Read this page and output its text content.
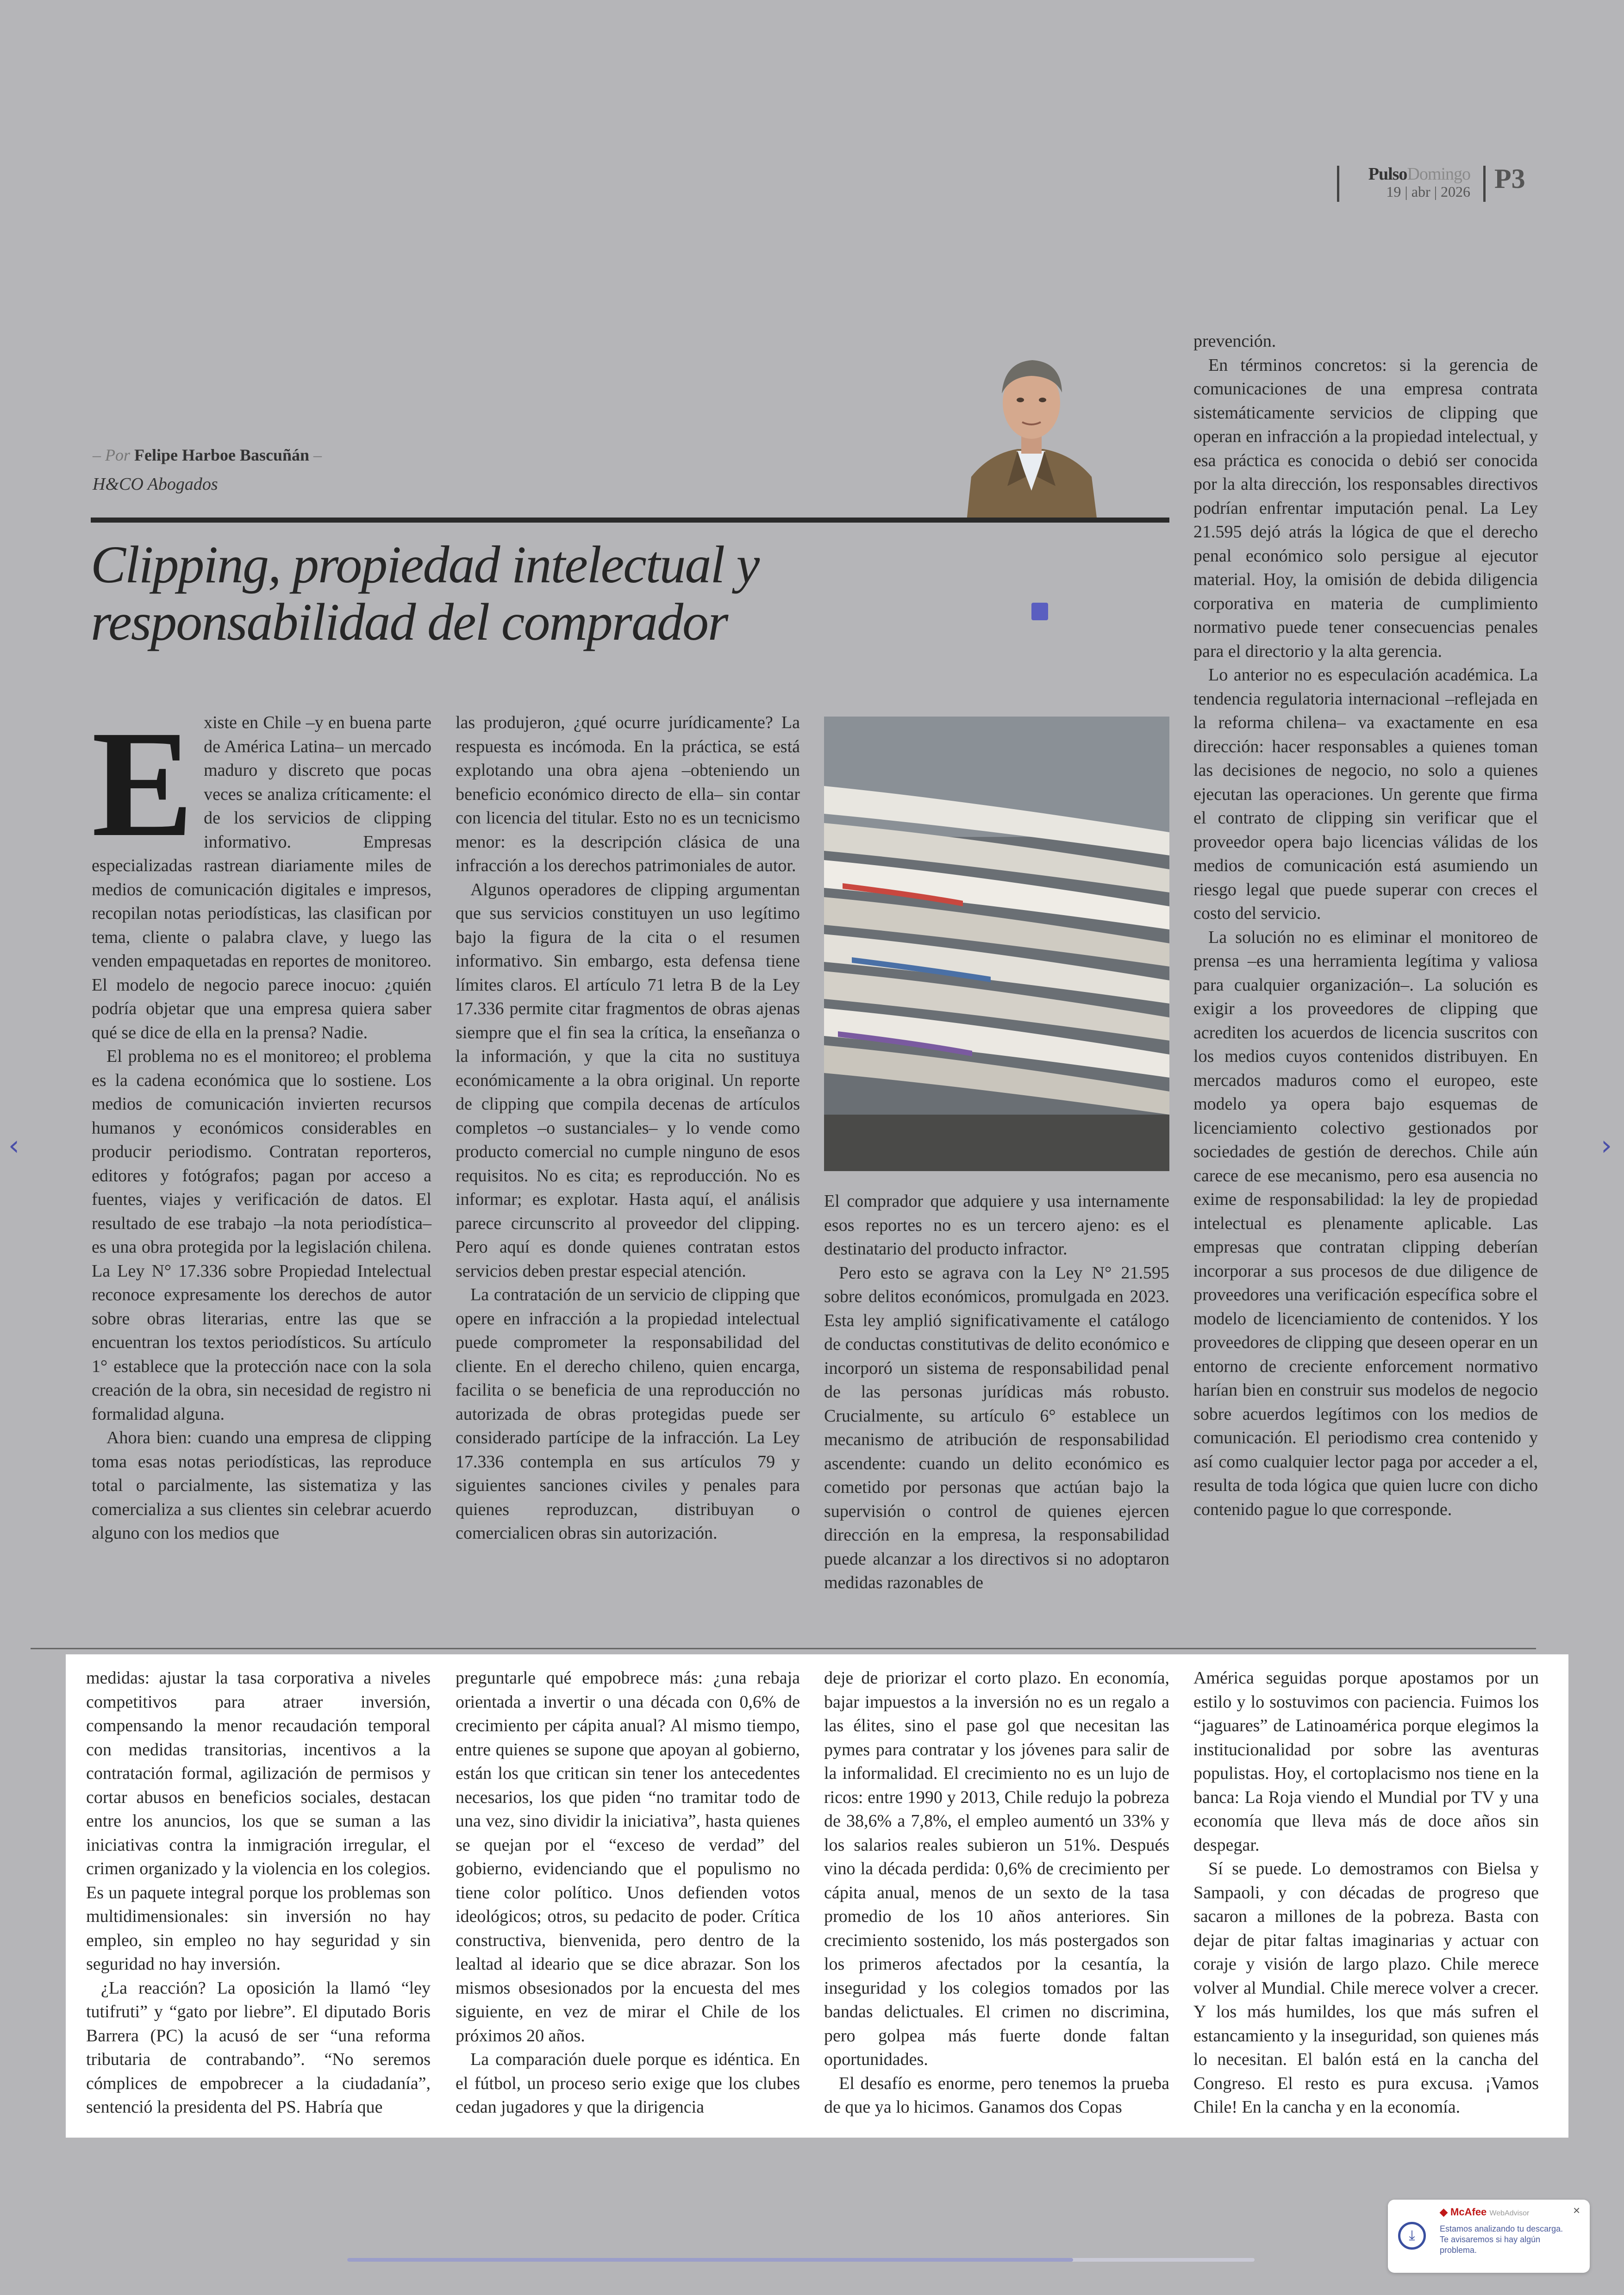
PulsoDomingo
19 | abr | 2026 P3
– Por Felipe Harboe Bascuñán –
H&CO Abogados
Clipping, propiedad intelectual y
responsabilidad del comprador
E xiste en Chile –y en buena parte de América Latina– un mercado maduro y discreto que pocas veces se analiza críticamente: el de los servicios de clipping informativo. Empresas especializadas rastrean diariamente miles de medios de comunicación digitales e impresos, recopilan notas periodísticas, las clasifican por tema, cliente o palabra clave, y luego las venden empaquetadas en reportes de monitoreo. El modelo de negocio parece inocuo: ¿quién podría objetar que una empresa quiera saber qué se dice de ella en la prensa? Nadie.

El problema no es el monitoreo; el problema es la cadena económica que lo sostiene. Los medios de comunicación invierten recursos humanos y económicos considerables en producir periodismo. Contratan reporteros, editores y fotógrafos; pagan por acceso a fuentes, viajes y verificación de datos. El resultado de ese trabajo –la nota periodística– es una obra protegida por la legislación chilena. La Ley N° 17.336 sobre Propiedad Intelectual reconoce expresamente los derechos de autor sobre obras literarias, entre las que se encuentran los textos periodísticos. Su artículo 1° establece que la protección nace con la sola creación de la obra, sin necesidad de registro ni formalidad alguna.

Ahora bien: cuando una empresa de clipping toma esas notas periodísticas, las reproduce total o parcialmente, las sistematiza y las comercializa a sus clientes sin celebrar acuerdo alguno con los medios que

las produjeron, ¿qué ocurre jurídicamente? La respuesta es incómoda. En la práctica, se está explotando una obra ajena –obteniendo un beneficio económico directo de ella– sin contar con licencia del titular. Esto no es un tecnicismo menor: es la descripción clásica de una infracción a los derechos patrimoniales de autor.

Algunos operadores de clipping argumentan que sus servicios constituyen un uso legítimo bajo la figura de la cita o el resumen informativo. Sin embargo, esta defensa tiene límites claros. El artículo 71 letra B de la Ley 17.336 permite citar fragmentos de obras ajenas siempre que el fin sea la crítica, la enseñanza o la información, y que la cita no sustituya económicamente a la obra original. Un reporte de clipping que compila decenas de artículos completos –o sustanciales– y lo vende como producto comercial no cumple ninguno de esos requisitos. No es cita; es reproducción. No es informar; es explotar. Hasta aquí, el análisis parece circunscrito al proveedor del clipping. Pero aquí es donde quienes contratan estos servicios deben prestar especial atención.

La contratación de un servicio de clipping que opere en infracción a la propiedad intelectual puede comprometer la responsabilidad del cliente. En el derecho chileno, quien encarga, facilita o se beneficia de una reproducción no autorizada de obras protegidas puede ser considerado partícipe de la infracción. La Ley 17.336 contempla en sus artículos 79 y siguientes sanciones civiles y penales para quienes reproduzcan, distribuyan o comercialicen obras sin autorización.

El comprador que adquiere y usa internamente esos reportes no es un tercero ajeno: es el destinatario del producto infractor.

Pero esto se agrava con la Ley N° 21.595 sobre delitos económicos, promulgada en 2023. Esta ley amplió significativamente el catálogo de conductas constitutivas de delito económico e incorporó un sistema de responsabilidad penal de las personas jurídicas más robusto. Crucialmente, su artículo 6° establece un mecanismo de atribución de responsabilidad ascendente: cuando un delito económico es cometido por personas que actúan bajo la supervisión o control de quienes ejercen dirección en la empresa, la responsabilidad puede alcanzar a los directivos si no adoptaron medidas razonables de

prevención.

En términos concretos: si la gerencia de comunicaciones de una empresa contrata sistemáticamente servicios de clipping que operan en infracción a la propiedad intelectual, y esa práctica es conocida o debió ser conocida por la alta dirección, los responsables directivos podrían enfrentar imputación penal. La Ley 21.595 dejó atrás la lógica de que el derecho penal económico solo persigue al ejecutor material. Hoy, la omisión de debida diligencia corporativa en materia de cumplimiento normativo puede tener consecuencias penales para el directorio y la alta gerencia.

Lo anterior no es especulación académica. La tendencia regulatoria internacional –reflejada en la reforma chilena– va exactamente en esa dirección: hacer responsables a quienes toman las decisiones de negocio, no solo a quienes ejecutan las operaciones. Un gerente que firma el contrato de clipping sin verificar que el proveedor opera bajo licencias válidas de los medios de comunicación está asumiendo un riesgo legal que puede superar con creces el costo del servicio.

La solución no es eliminar el monitoreo de prensa –es una herramienta legítima y valiosa para cualquier organización–. La solución es exigir a los proveedores de clipping que acrediten los acuerdos de licencia suscritos con los medios cuyos contenidos distribuyen. En mercados maduros como el europeo, este modelo ya opera bajo esquemas de licenciamiento colectivo gestionados por sociedades de gestión de derechos. Chile aún carece de ese mecanismo, pero esa ausencia no exime de responsabilidad: la ley de propiedad intelectual es plenamente aplicable. Las empresas que contratan clipping deberían incorporar a sus procesos de due diligence de proveedores una verificación específica sobre el modelo de licenciamiento de contenidos. Y los proveedores de clipping que deseen operar en un entorno de creciente enforcement normativo harían bien en construir sus modelos de negocio sobre acuerdos legítimos con los medios de comunicación. El periodismo crea contenido y así como cualquier lector paga por acceder a el, resulta de toda lógica que quien lucre con dicho contenido pague lo que corresponde.

medidas: ajustar la tasa corporativa a niveles competitivos para atraer inversión, compensando la menor recaudación temporal con medidas transitorias, incentivos a la contratación formal, agilización de permisos y cortar abusos en beneficios sociales, destacan entre los anuncios, los que se suman a las iniciativas contra la inmigración irregular, el crimen organizado y la violencia en los colegios. Es un paquete integral porque los problemas son multidimensionales: sin inversión no hay empleo, sin empleo no hay seguridad y sin seguridad no hay inversión.

¿La reacción? La oposición la llamó “ley tutifruti” y “gato por liebre”. El diputado Boris Barrera (PC) la acusó de ser “una reforma tributaria de contrabando”. “No seremos cómplices de empobrecer a la ciudadanía”, sentenció la presidenta del PS. Habría que

preguntarle qué empobrece más: ¿una rebaja orientada a invertir o una década con 0,6% de crecimiento per cápita anual? Al mismo tiempo, entre quienes se supone que apoyan al gobierno, están los que critican sin tener los antecedentes necesarios, los que piden “no tramitar todo de una vez, sino dividir la iniciativa”, hasta quienes se quejan por el “exceso de verdad” del gobierno, evidenciando que el populismo no tiene color político. Unos defienden votos ideológicos; otros, su pedacito de poder. Crítica constructiva, bienvenida, pero dentro de la lealtad al ideario que se dice abrazar. Son los mismos obsesionados por la encuesta del mes siguiente, en vez de mirar el Chile de los próximos 20 años.

La comparación duele porque es idéntica. En el fútbol, un proceso serio exige que los clubes cedan jugadores y que la dirigencia

deje de priorizar el corto plazo. En economía, bajar impuestos a la inversión no es un regalo a las élites, sino el pase gol que necesitan las pymes para contratar y los jóvenes para salir de la informalidad. El crecimiento no es un lujo de ricos: entre 1990 y 2013, Chile redujo la pobreza de 38,6% a 7,8%, el empleo aumentó un 33% y los salarios reales subieron un 51%. Después vino la década perdida: 0,6% de crecimiento per cápita anual, menos de un sexto de la tasa promedio de los 10 años anteriores. Sin crecimiento sostenido, los más postergados son los primeros afectados por la cesantía, la inseguridad y los colegios tomados por las bandas delictuales. El crimen no discrimina, pero golpea más fuerte donde faltan oportunidades.

El desafío es enorme, pero tenemos la prueba de que ya lo hicimos. Ganamos dos Copas

América seguidas porque apostamos por un estilo y lo sostuvimos con paciencia. Fuimos los “jaguares” de Latinoamérica porque elegimos la institucionalidad por sobre las aventuras populistas. Hoy, el cortoplacismo nos tiene en la banca: La Roja viendo el Mundial por TV y una economía que lleva más de doce años sin despegar.

Sí se puede. Lo demostramos con Bielsa y Sampaoli, y con décadas de progreso que sacaron a millones de la pobreza. Basta con dejar de pitar faltas imaginarias y actuar con coraje y visión de largo plazo. Chile merece volver al Mundial. Chile merece volver a crecer. Y los más humildes, los que más sufren el estancamiento y la inseguridad, son quienes más lo necesitan. El balón está en la cancha del Congreso. El resto es pura excusa. ¡Vamos Chile! En la cancha y en la economía.

‹	›
⤓
◆ McAfee WebAdvisor
Estamos analizando tu descarga. Te avisaremos si hay algún problema.
×
